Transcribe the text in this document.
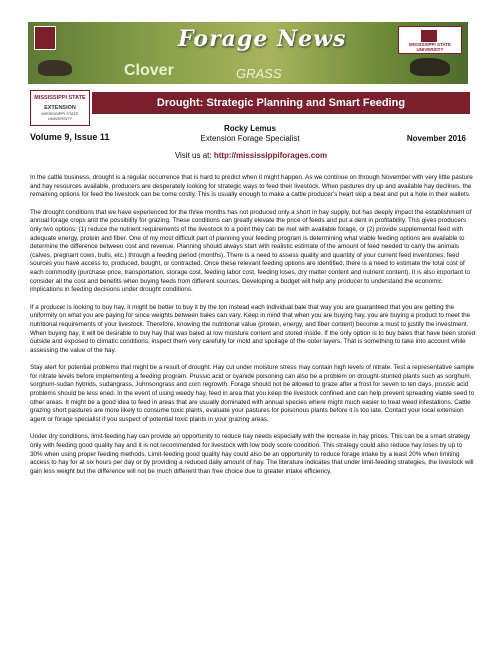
Forage News
Clover	GRASS
MISSISSIPPI STATE UNIVERSITY
MISSISSIPPI STATE
EXTENSION
MISSISSIPPI STATE UNIVERSITY
Drought: Strategic Planning and Smart Feeding
Volume 9, Issue 11
Rocky Lemus
Extension Forage Specialist	November 2016
Visit us at: http://mississippiforages.com

In the cattle business, drought is a regular occurrence that is hard to predict when it might happen. As we continue on through November with very little pasture and hay resources available, producers are desperately looking for strategic ways to feed their livestock. When pastures dry up and available hay declines, the remaining options for feed the livestock can be come costly. This is usually enough to make a cattle producer's heart skip a beat and put a hole in their wallets.

The drought conditions that we have experienced for the three months has not produced only a short in hay supply, but has deeply impact the establishment of annual forage crops and the possibility for grazing. These conditions can greatly elevate the price of feeds and put a dent in profitability. This gives producers only two options: (1) reduce the nutrient requirements of the livestock to a point they can be met with available forage, or (2) provide supplemental feed with adequate energy, protein and fiber. One of my most difficult part of planning your feeding program is determining what viable feeding options are available to determine the difference between cost and revenue. Planning should always start with realistic estimate of the amount of feed needed to carry the animals (calves, pregnant cows, bulls, etc.) through a feeding period (months). There is a need to assess quality and quantity of your current feed inventories; feed sources you have access to, produced, bought, or contracted. Once these relevant feeding options are identified, there is a need to estimate the total cost of each commodity (purchase price, transportation, storage cost, feeding labor cost, feeding loses, dry matter content and nutrient content). It is also important to consider all the cost and benefits when buying feeds from different sources. Developing a budget will help any producer to understand the economic implications in feeding decisions under drought conditions.

If a producer is looking to buy hay, it might be better to buy it by the ton instead each individual bale that way you are guaranteed that you are getting the uniformity on what you are paying for since weights between bales can vary. Keep in mind that when you are buying hay, you are buying a product to meet the nutritional requirements of your livestock. Therefore, knowing the nutritional value (protein, energy, and fiber content) become a must to justify the investment. When buying hay, it will be desirable to buy hay that was baled at low moisture content and stored inside. If the only option is to buy bales that have been stored outside and exposed to climatic conditions, inspect them very carefully for mold and spoilage of the outer layers. That is something to take into account while assessing the value of the hay.

Stay alert for potential problems that might be a result of drought. Hay cut under moisture stress may contain high levels of nitrate. Test a representative sample for nitrate levels before implementing a feeding program. Prussic acid or cyanide poisoning can also be a problem on drought-stunted plants such as sorghum, sorghum-sudan hybrids, sudangrass, Johnsongrass and corn regrowth. Forage should not be allowed to graze after a frost for seven to ten days, prussic acid problems should be less ened. In the event of using weedy hay, feed in area that you keep the livestock confined and can help prevent spreading viable seed to other areas. It might be a good idea to feed in areas that are usually dominated with annual species where might much easier to treat weed infestations. Cattle grazing short pastures are more likely to consume toxic plants, evaluate your pastures for poisonous plants before it is too late. Contact your local extension agent or forage specialist if you suspect of potential toxic plants in your grazing areas.

Under dry conditions, limit-feeding hay can provide an opportunity to reduce hay needs especially with the increase in hay prices. This can be a smart strategy only with feeding good quality hay and it is not recommended for livestock with low body score condition. This strategy could also reduce hay loses by up to 30% when using proper feeding methods. Limit-feeding good quality hay could also be an opportunity to reduce forage intake by a least 20% when limiting access to hay for at six hours per day or by providing a reduced daily amount of hay. The literature indicates that under limit-feeding strategies, the livestock will gain less weight but the difference will not be much different than free choice due to greater intake efficiency.
